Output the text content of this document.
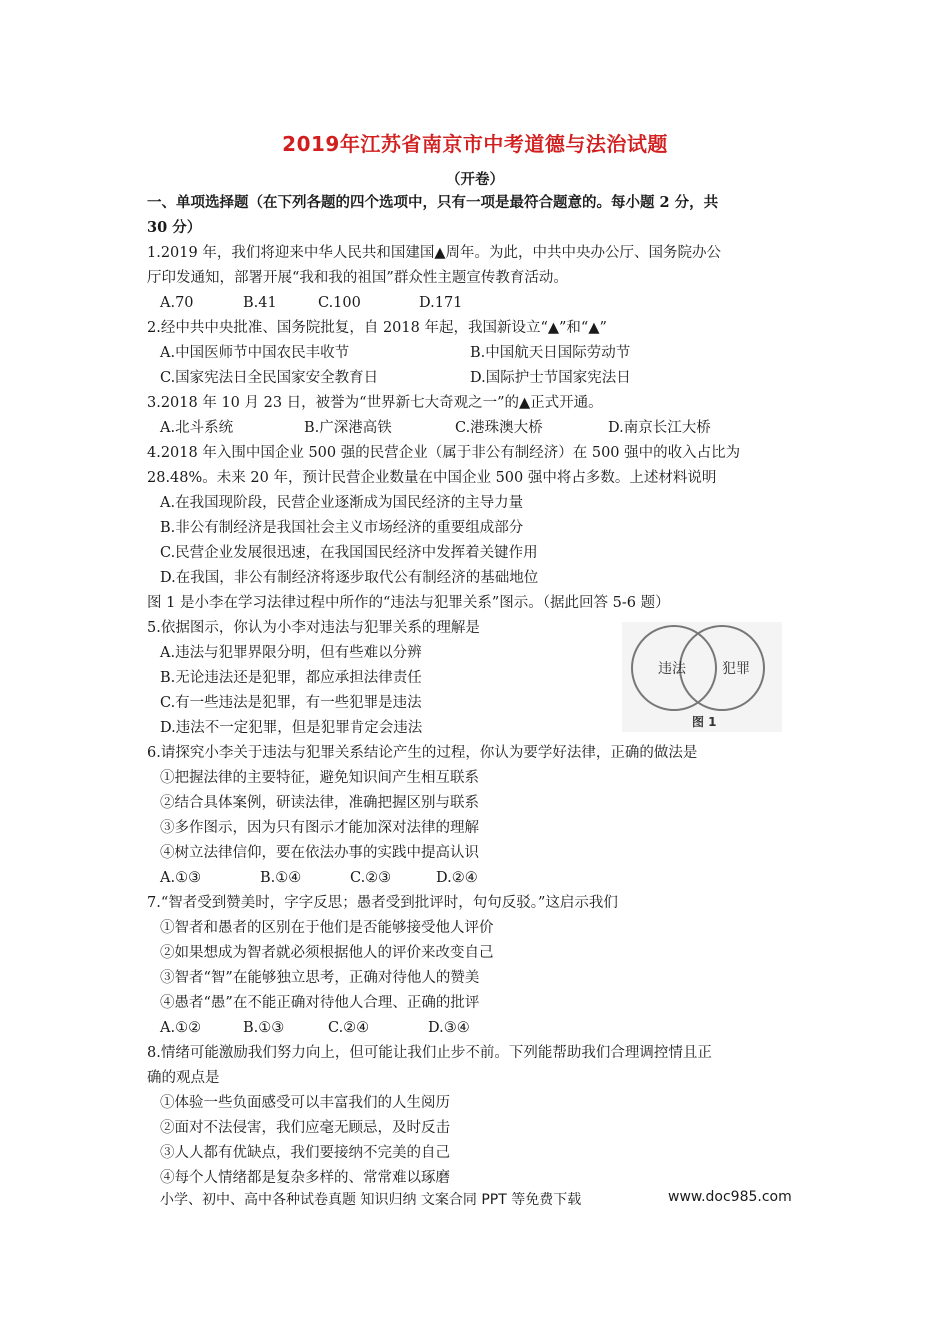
2019年江苏省南京市中考道德与法治试题
（开卷）
一、单项选择题（在下列各题的四个选项中，只有一项是最符合题意的。每小题 2 分，共
30 分）
1.2019 年，我们将迎来中华人民共和国建国▲周年。为此，中共中央办公厅、国务院办公
厅印发通知，部署开展“我和我的祖国”群众性主题宣传教育活动。
A.70	B.41	C.100	D.171
2.经中共中央批准、国务院批复，自 2018 年起，我国新设立“▲”和“▲”
A.中国医师节中国农民丰收节	B.中国航天日国际劳动节
C.国家宪法日全民国家安全教育日	D.国际护士节国家宪法日
3.2018 年 10 月 23 日，被誉为“世界新七大奇观之一”的▲正式开通。
A.北斗系统	B.广深港高铁	C.港珠澳大桥	D.南京长江大桥
4.2018 年入围中国企业 500 强的民营企业（属于非公有制经济）在 500 强中的收入占比为
28.48%。未来 20 年，预计民营企业数量在中国企业 500 强中将占多数。上述材料说明
A.在我国现阶段，民营企业逐渐成为国民经济的主导力量
B.非公有制经济是我国社会主义市场经济的重要组成部分
C.民营企业发展很迅速，在我国国民经济中发挥着关键作用
D.在我国，非公有制经济将逐步取代公有制经济的基础地位
图 1 是小李在学习法律过程中所作的“违法与犯罪关系”图示。（据此回答 5-6 题）
5.依据图示，你认为小李对违法与犯罪关系的理解是
A.违法与犯罪界限分明，但有些难以分辨
B.无论违法还是犯罪，都应承担法律责任
C.有一些违法是犯罪，有一些犯罪是违法
D.违法不一定犯罪，但是犯罪肯定会违法
违法	犯罪
图 1
6.请探究小李关于违法与犯罪关系结论产生的过程，你认为要学好法律，正确的做法是
①把握法律的主要特征，避免知识间产生相互联系
②结合具体案例，研读法律，准确把握区别与联系
③多作图示，因为只有图示才能加深对法律的理解
④树立法律信仰，要在依法办事的实践中提高认识
A.①③	B.①④	C.②③	D.②④
7.“智者受到赞美时，字字反思；愚者受到批评时，句句反驳。”这启示我们
①智者和愚者的区别在于他们是否能够接受他人评价
②如果想成为智者就必须根据他人的评价来改变自己
③智者“智”在能够独立思考，正确对待他人的赞美
④愚者“愚”在不能正确对待他人合理、正确的批评
A.①②	B.①③	C.②④	D.③④
8.情绪可能激励我们努力向上，但可能让我们止步不前。下列能帮助我们合理调控情且正
确的观点是
①体验一些负面感受可以丰富我们的人生阅历
②面对不法侵害，我们应毫无顾忌，及时反击
③人人都有优缺点，我们要接纳不完美的自己
④每个人情绪都是复杂多样的、常常难以琢磨
小学、初中、高中各种试卷真题 知识归纳 文案合同 PPT 等免费下载	www.doc985.com
